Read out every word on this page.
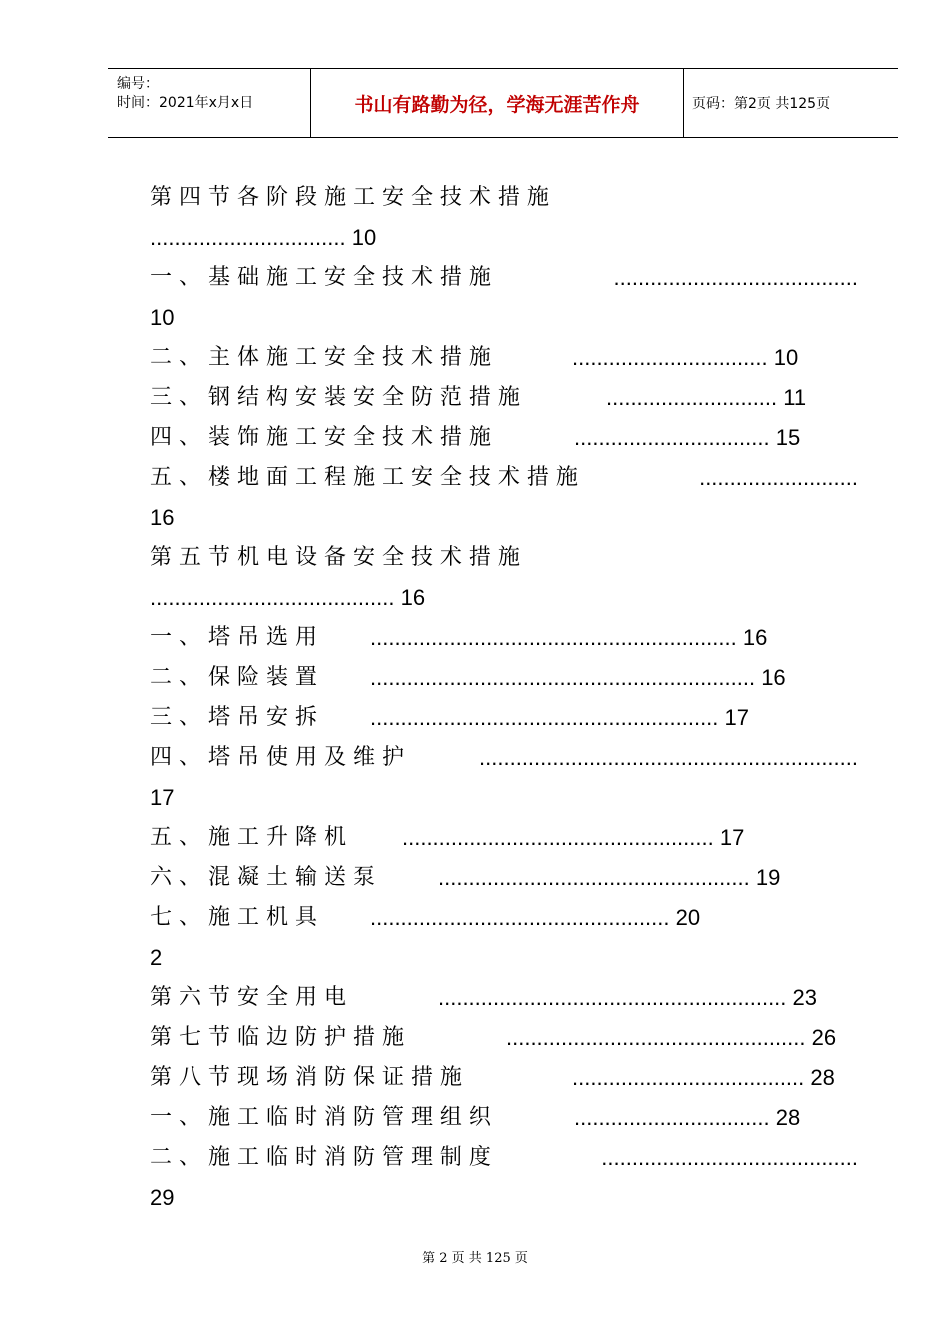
编号：
时间：2021年x月x日	书山有路勤为径，学海无涯苦作舟	页码：第2页 共125页
第 四 节 各 阶 段 施 工 安 全 技 术 措 施
................................ 10
一 、 基 础 施 工 安 全 技 术 措 施	........................................
10
二 、 主 体 施 工 安 全 技 术 措 施	................................ 10
三 、 钢 结 构 安 装 安 全 防 范 措 施	............................ 11
四 、 装 饰 施 工 安 全 技 术 措 施	................................ 15
五 、 楼 地 面 工 程 施 工 安 全 技 术 措 施	..........................
16
第 五 节 机 电 设 备 安 全 技 术 措 施
........................................ 16
一 、 塔 吊 选 用 ............................................................ 16
二 、 保 险 装 置 ............................................................... 16
三 、 塔 吊 安 拆 ......................................................... 17
四 、 塔 吊 使 用 及 维 护	..............................................................
17
五 、 施 工 升 降 机	................................................... 17
六 、 混 凝 土 输 送 泵	................................................... 19
七 、 施 工 机 具 ................................................. 20
2
第 六 节 安 全 用 电	......................................................... 23
第 七 节 临 边 防 护 措 施	................................................. 26
第 八 节 现 场 消 防 保 证 措 施	...................................... 28
一 、 施 工 临 时 消 防 管 理 组 织	................................ 28
二 、 施 工 临 时 消 防 管 理 制 度	..........................................
29
第 2 页 共 125 页
